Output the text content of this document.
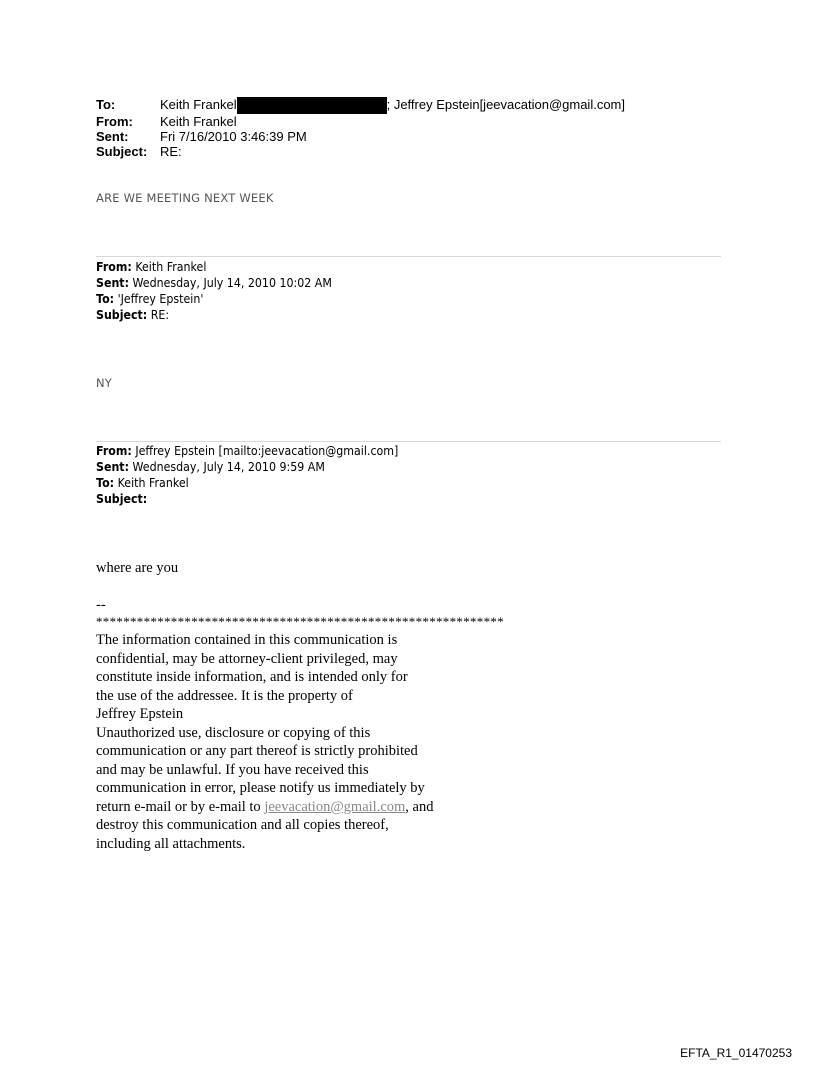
To:	Keith Frankel	; Jeffrey Epstein[jeevacation@gmail.com]
From:	Keith Frankel
Sent:	Fri 7/16/2010 3:46:39 PM
Subject: RE:
ARE WE MEETING NEXT WEEK
From: Keith Frankel
Sent: Wednesday, July 14, 2010 10:02 AM
To: 'Jeffrey Epstein'
Subject: RE:
NY
From: Jeffrey Epstein [mailto:jeevacation@gmail.com]
Sent: Wednesday, July 14, 2010 9:59 AM
To: Keith Frankel
Subject:
where are you
--
************************************************************
The information contained in this communication is
confidential, may be attorney-client privileged, may
constitute inside information, and is intended only for
the use of the addressee. It is the property of
Jeffrey Epstein
Unauthorized use, disclosure or copying of this
communication or any part thereof is strictly prohibited
and may be unlawful. If you have received this
communication in error, please notify us immediately by
return e-mail or by e-mail to jeevacation@gmail.com, and
destroy this communication and all copies thereof,
including all attachments.
EFTA_R1_01470253
